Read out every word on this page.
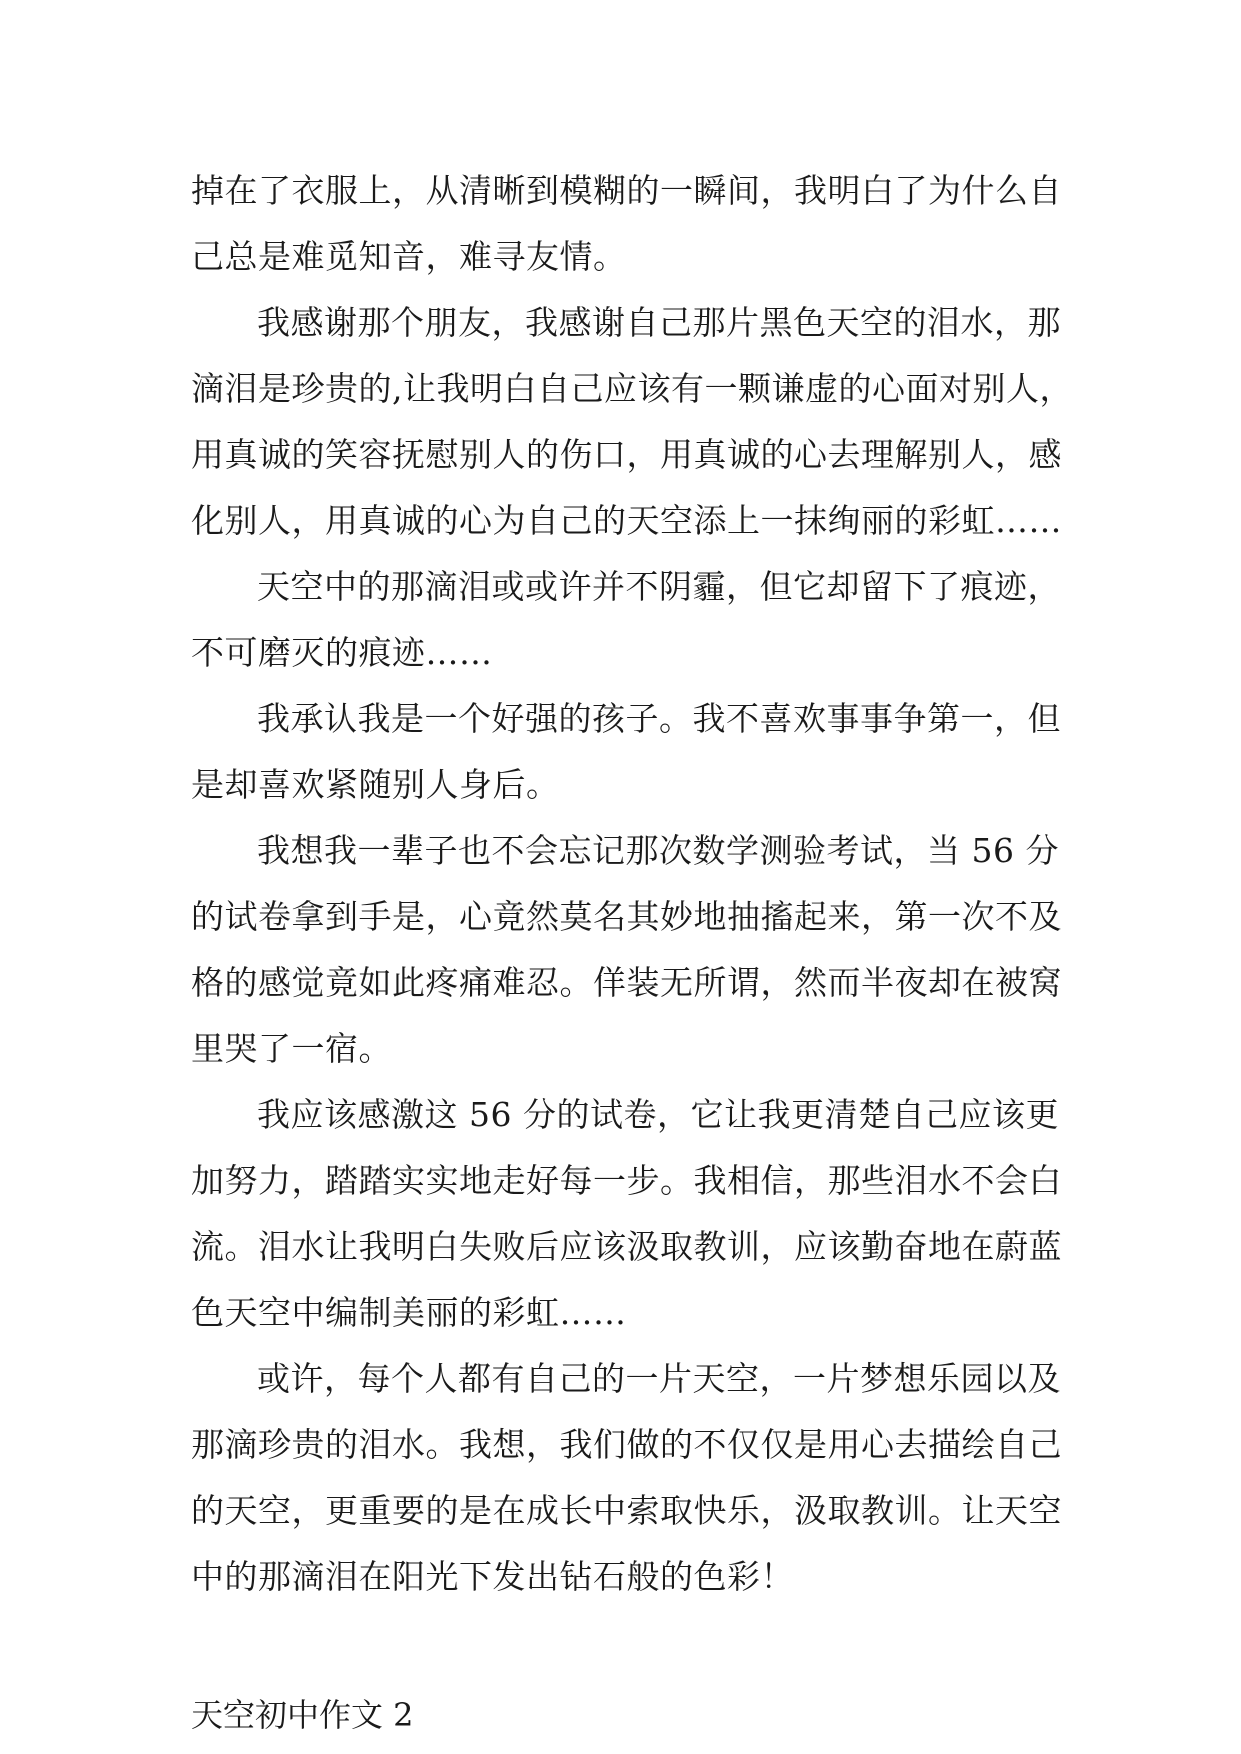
掉在了衣服上，从清晰到模糊的一瞬间，我明白了为什么自
己总是难觅知音，难寻友情。
我感谢那个朋友，我感谢自己那片黑色天空的泪水，那
滴泪是珍贵的,让我明白自己应该有一颗谦虚的心面对别人，
用真诚的笑容抚慰别人的伤口，用真诚的心去理解别人，感
化别人，用真诚的心为自己的天空添上一抹绚丽的彩虹……
天空中的那滴泪或或许并不阴霾，但它却留下了痕迹，
不可磨灭的痕迹……
我承认我是一个好强的孩子。我不喜欢事事争第一，但
是却喜欢紧随别人身后。
我想我一辈子也不会忘记那次数学测验考试，当 56 分
的试卷拿到手是，心竟然莫名其妙地抽搐起来，第一次不及
格的感觉竟如此疼痛难忍。佯装无所谓，然而半夜却在被窝
里哭了一宿。
我应该感激这 56 分的试卷，它让我更清楚自己应该更
加努力，踏踏实实地走好每一步。我相信，那些泪水不会白
流。泪水让我明白失败后应该汲取教训，应该勤奋地在蔚蓝
色天空中编制美丽的彩虹……
或许，每个人都有自己的一片天空，一片梦想乐园以及
那滴珍贵的泪水。我想，我们做的不仅仅是用心去描绘自己
的天空，更重要的是在成长中索取快乐，汲取教训。让天空
中的那滴泪在阳光下发出钻石般的色彩！
天空初中作文 2
